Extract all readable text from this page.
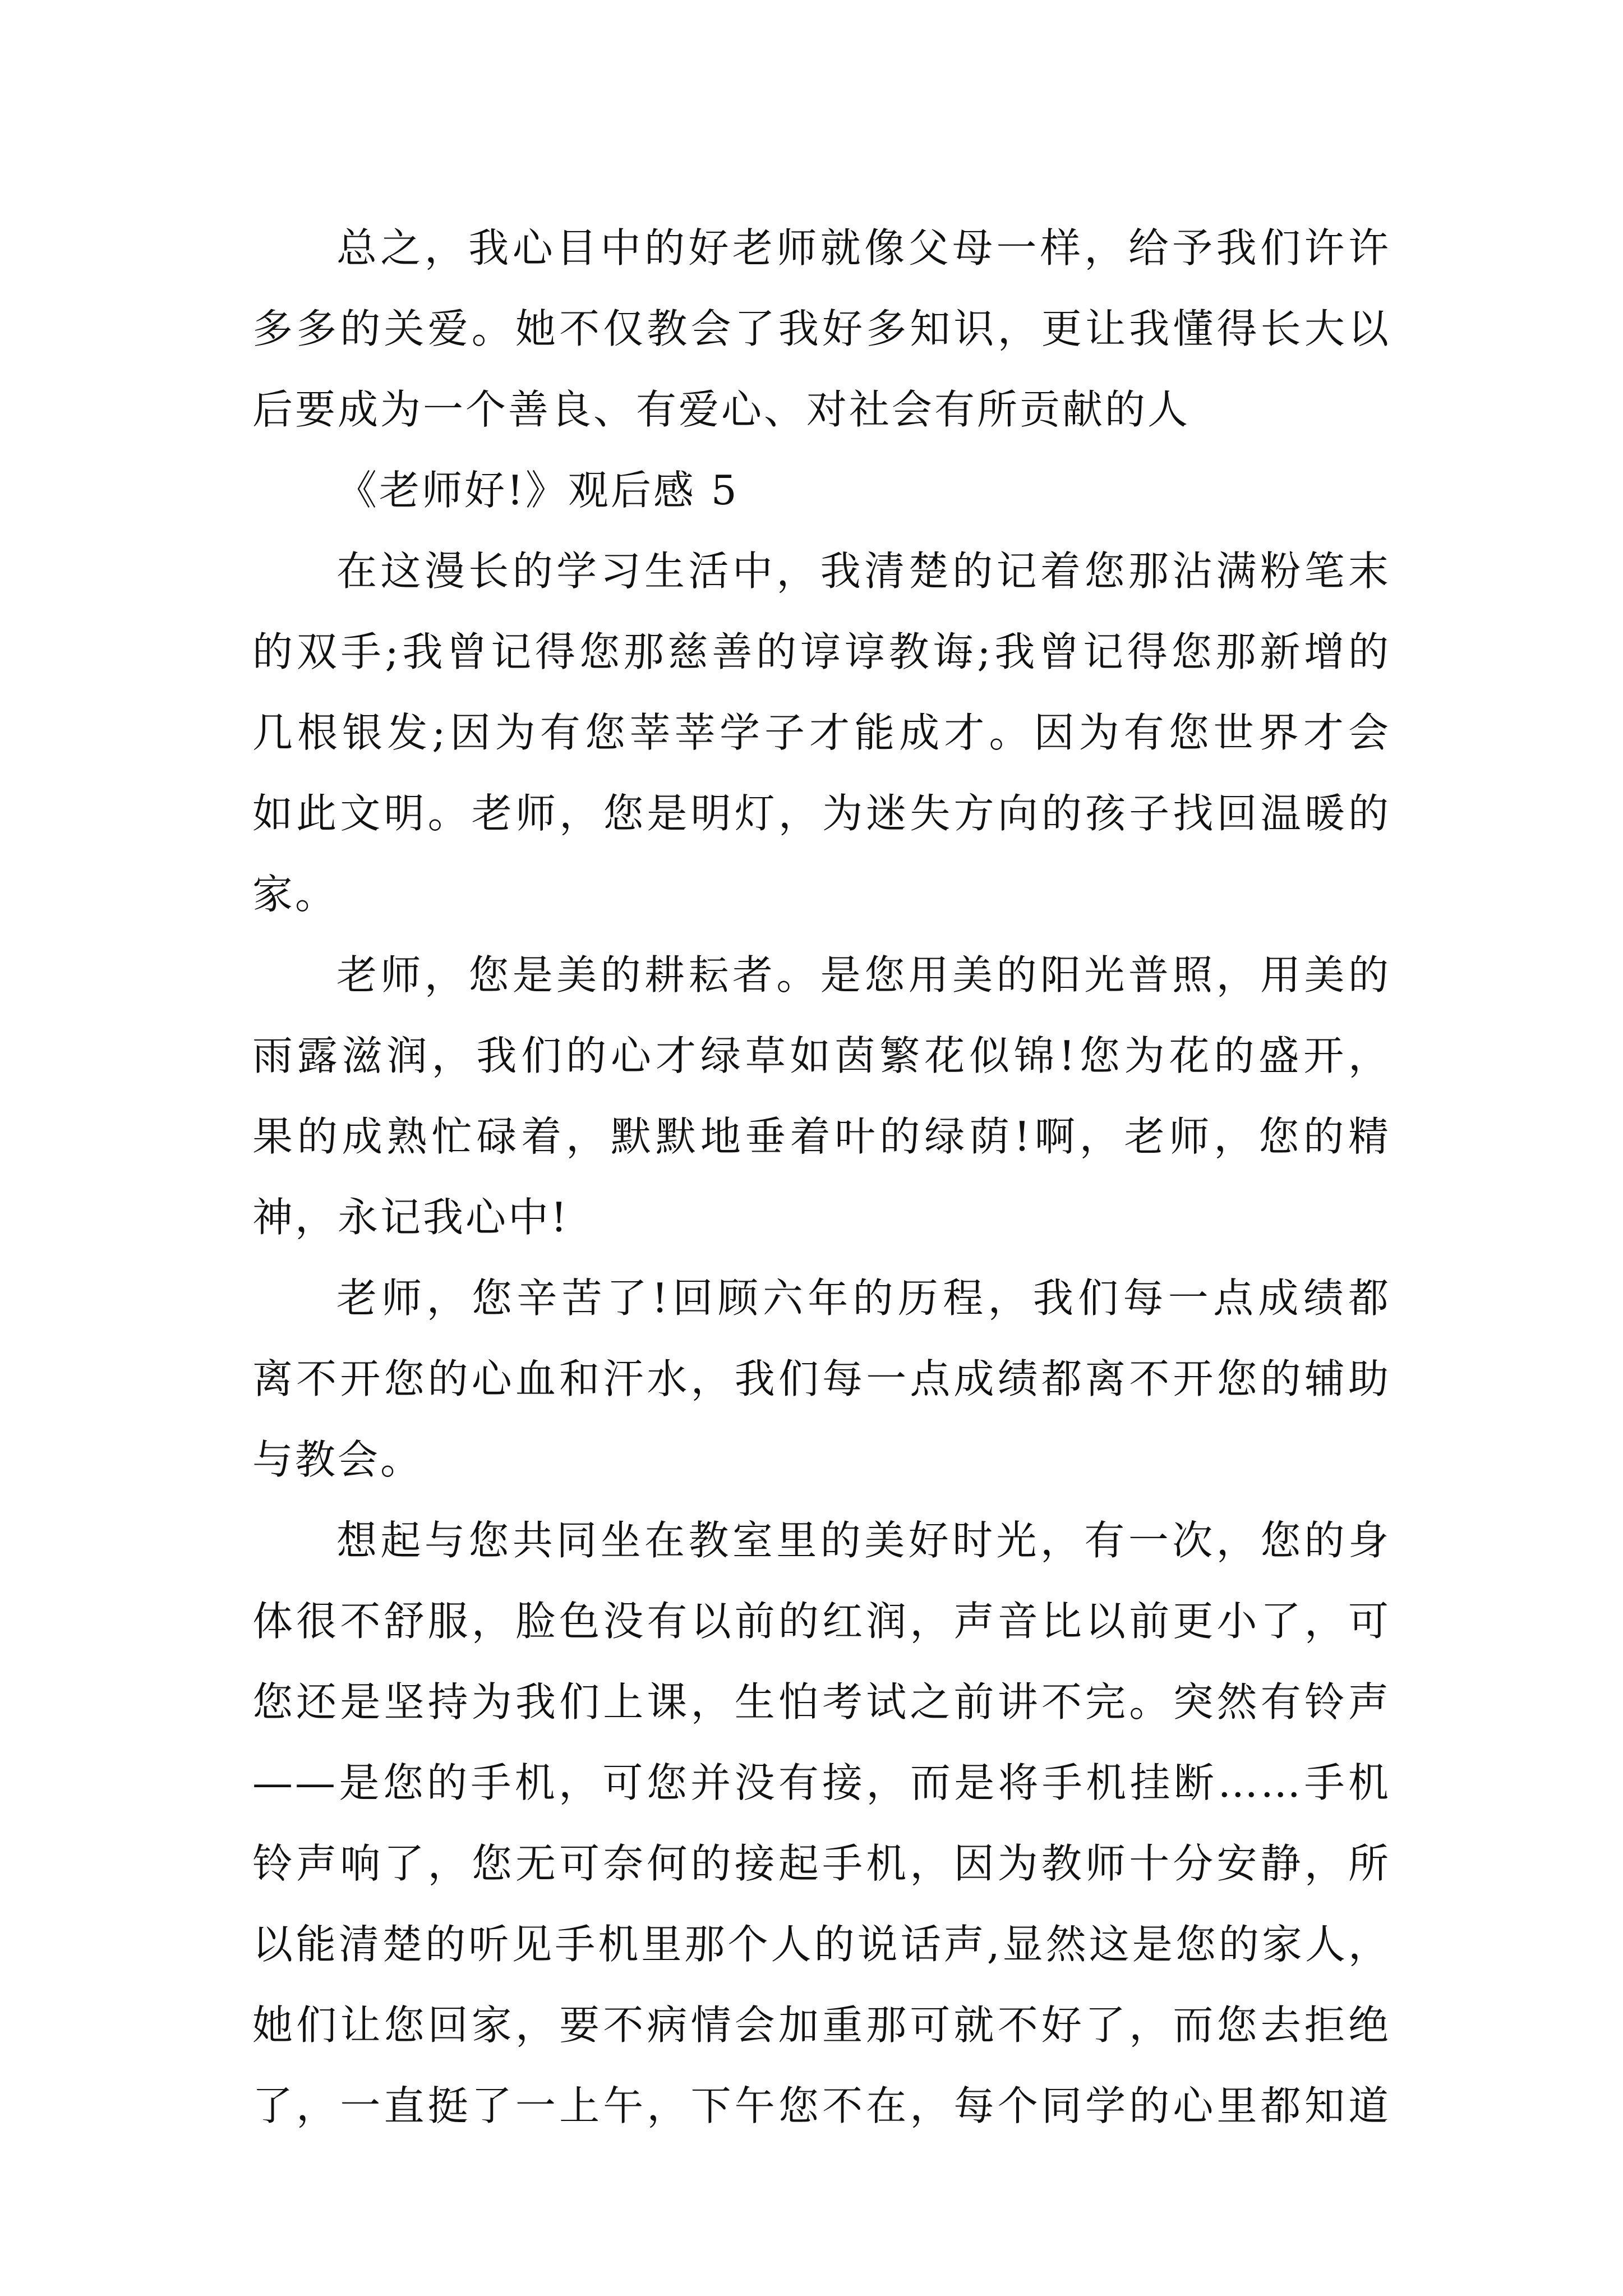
总之，我心目中的好老师就像父母一样，给予我们许许
多多的关爱。她不仅教会了我好多知识，更让我懂得长大以
后要成为一个善良、有爱心、对社会有所贡献的人
《老师好!》观后感 5
在这漫长的学习生活中，我清楚的记着您那沾满粉笔末
的双手;我曾记得您那慈善的谆谆教诲;我曾记得您那新增的
几根银发;因为有您莘莘学子才能成才。因为有您世界才会
如此文明。老师，您是明灯，为迷失方向的孩子找回温暖的
家。
老师，您是美的耕耘者。是您用美的阳光普照，用美的
雨露滋润，我们的心才绿草如茵繁花似锦!您为花的盛开，
果的成熟忙碌着，默默地垂着叶的绿荫!啊，老师，您的精
神，永记我心中!
老师，您辛苦了!回顾六年的历程，我们每一点成绩都
离不开您的心血和汗水，我们每一点成绩都离不开您的辅助
与教会。
想起与您共同坐在教室里的美好时光，有一次，您的身
体很不舒服，脸色没有以前的红润，声音比以前更小了，可
您还是坚持为我们上课，生怕考试之前讲不完。突然有铃声
——是您的手机，可您并没有接，而是将手机挂断……手机
铃声响了，您无可奈何的接起手机，因为教师十分安静，所
以能清楚的听见手机里那个人的说话声,显然这是您的家人，
她们让您回家，要不病情会加重那可就不好了，而您去拒绝
了，一直挺了一上午，下午您不在，每个同学的心里都知道
